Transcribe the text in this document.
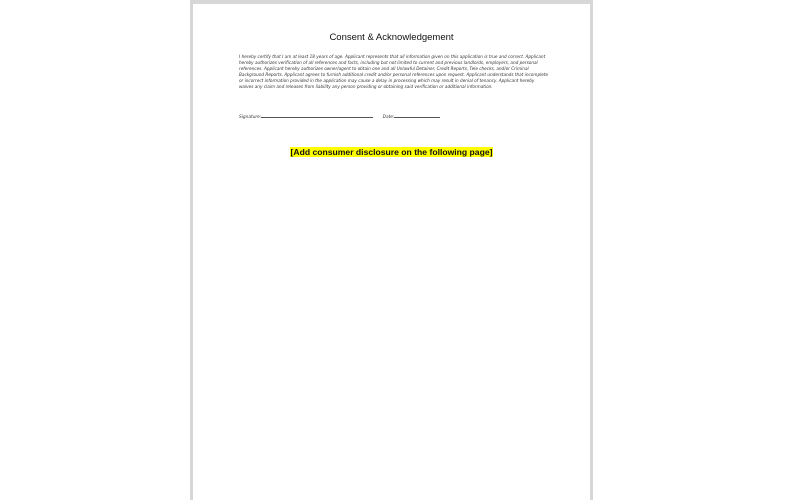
Consent & Acknowledgement

I hereby certify that I am at least 18 years of age. Applicant represents that all information given on this application is true and correct. Applicant hereby authorizes verification of all references and facts, including but not limited to current and previous landlords, employers, and personal references. Applicant hereby authorizes owner/agent to obtain one and all Unlawful Detainer, Credit Reports, Tele checks, and/or Criminal Background Reports. Applicant agrees to furnish additional credit and/or personal references upon request. Applicant understands that incomplete or incorrect information provided in the application may cause a delay in processing which may result in denial of tenancy. Applicant hereby waives any claim and releases from liability any person providing or obtaining said verification or additional information.

Signature:	Date:
[Add consumer disclosure on the following page]
